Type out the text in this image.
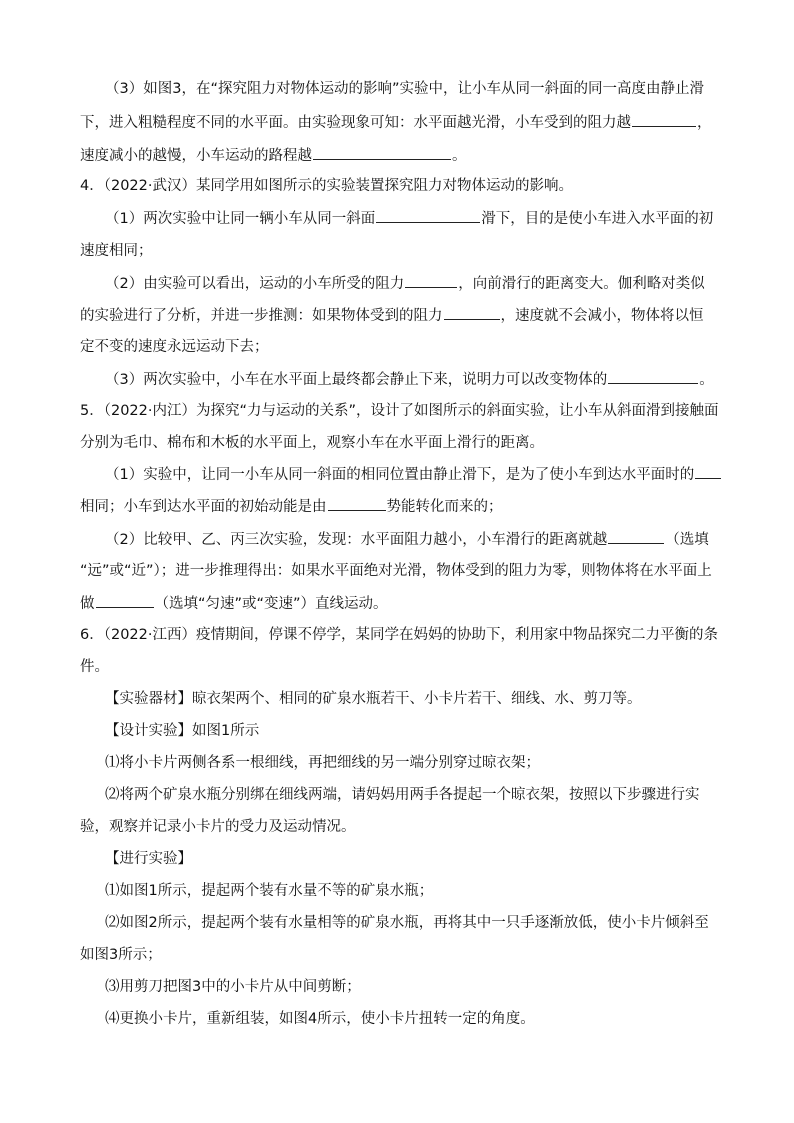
（3）如图3，在“探究阻力对物体运动的影响”实验中，让小车从同一斜面的同一高度由静止滑
下，进入粗糙程度不同的水平面。由实验现象可知：水平面越光滑，小车受到的阻力越	，
速度减小的越慢，小车运动的路程越	。
4．（2022·武汉）某同学用如图所示的实验装置探究阻力对物体运动的影响。
（1）两次实验中让同一辆小车从同一斜面	滑下，目的是使小车进入水平面的初
速度相同；
（2）由实验可以看出，运动的小车所受的阻力	，向前滑行的距离变大。伽利略对类似
的实验进行了分析，并进一步推测：如果物体受到的阻力	，速度就不会减小，物体将以恒
定不变的速度永远运动下去；
（3）两次实验中，小车在水平面上最终都会静止下来，说明力可以改变物体的	。
5．（2022·内江）为探究“力与运动的关系”，设计了如图所示的斜面实验，让小车从斜面滑到接触面
分别为毛巾、棉布和木板的水平面上，观察小车在水平面上滑行的距离。
（1）实验中，让同一小车从同一斜面的相同位置由静止滑下，是为了使小车到达水平面时的
相同；小车到达水平面的初始动能是由	势能转化而来的；
（2）比较甲、乙、丙三次实验，发现：水平面阻力越小，小车滑行的距离就越	（选填
“远”或“近”）；进一步推理得出：如果水平面绝对光滑，物体受到的阻力为零，则物体将在水平面上
做	（选填“匀速”或“变速”）直线运动。
6．（2022·江西）疫情期间，停课不停学，某同学在妈妈的协助下，利用家中物品探究二力平衡的条
件。
【实验器材】晾衣架两个、相同的矿泉水瓶若干、小卡片若干、细线、水、剪刀等。
【设计实验】如图1所示
⑴将小卡片两侧各系一根细线，再把细线的另一端分别穿过晾衣架；
⑵将两个矿泉水瓶分别绑在细线两端，请妈妈用两手各提起一个晾衣架，按照以下步骤进行实
验，观察并记录小卡片的受力及运动情况。
【进行实验】
⑴如图1所示，提起两个装有水量不等的矿泉水瓶；
⑵如图2所示，提起两个装有水量相等的矿泉水瓶，再将其中一只手逐渐放低，使小卡片倾斜至
如图3所示；
⑶用剪刀把图3中的小卡片从中间剪断；
⑷更换小卡片，重新组装，如图4所示，使小卡片扭转一定的角度。
